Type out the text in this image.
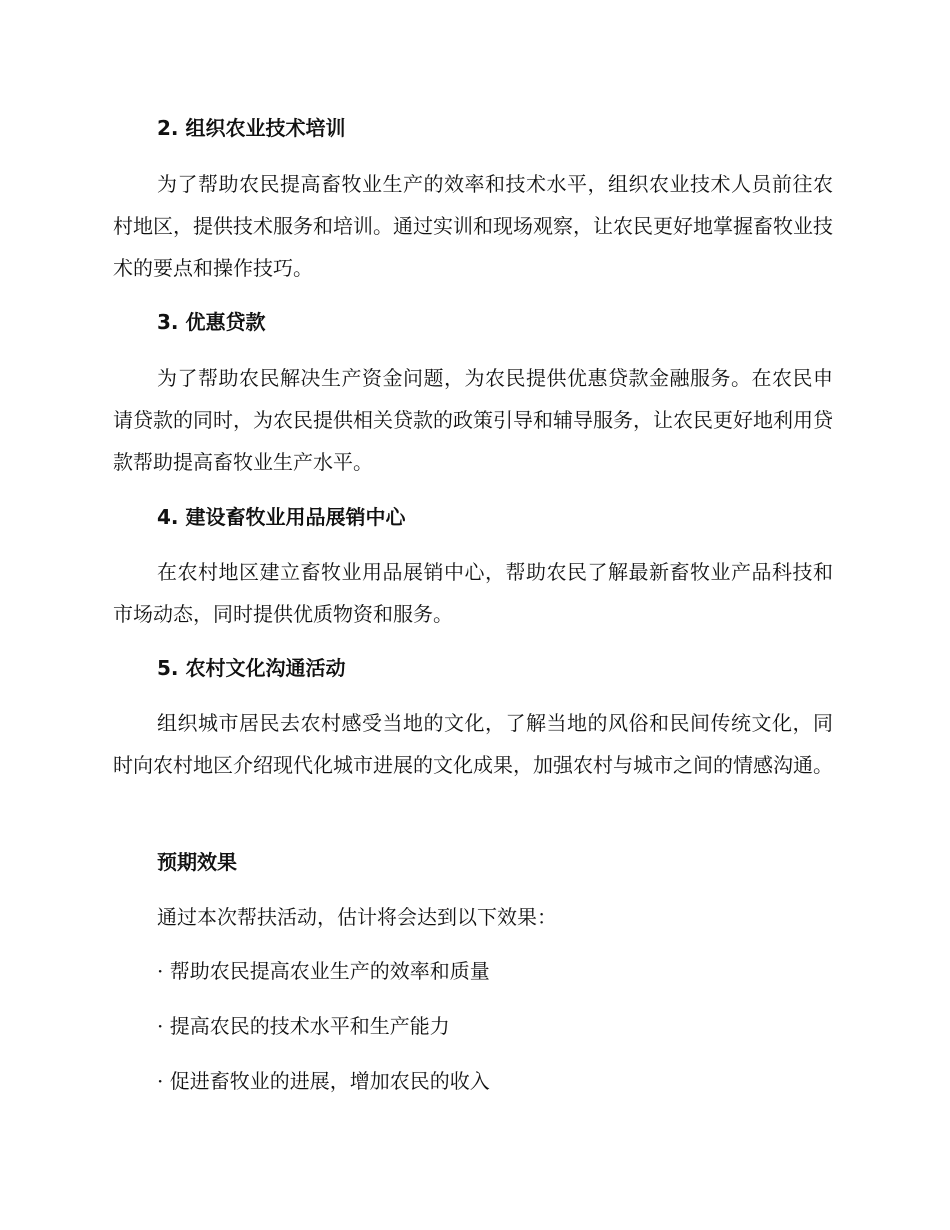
2. 组织农业技术培训
为了帮助农民提高畜牧业生产的效率和技术水平，组织农业技术人员前往农村地区，提供技术服务和培训。通过实训和现场观察，让农民更好地掌握畜牧业技术的要点和操作技巧。
3. 优惠贷款
为了帮助农民解决生产资金问题，为农民提供优惠贷款金融服务。在农民申请贷款的同时，为农民提供相关贷款的政策引导和辅导服务，让农民更好地利用贷款帮助提高畜牧业生产水平。
4. 建设畜牧业用品展销中心
在农村地区建立畜牧业用品展销中心，帮助农民了解最新畜牧业产品科技和市场动态，同时提供优质物资和服务。
5. 农村文化沟通活动
组织城市居民去农村感受当地的文化，了解当地的风俗和民间传统文化，同时向农村地区介绍现代化城市进展的文化成果，加强农村与城市之间的情感沟通。
预期效果
通过本次帮扶活动，估计将会达到以下效果：
· 帮助农民提高农业生产的效率和质量
· 提高农民的技术水平和生产能力
· 促进畜牧业的进展，增加农民的收入
